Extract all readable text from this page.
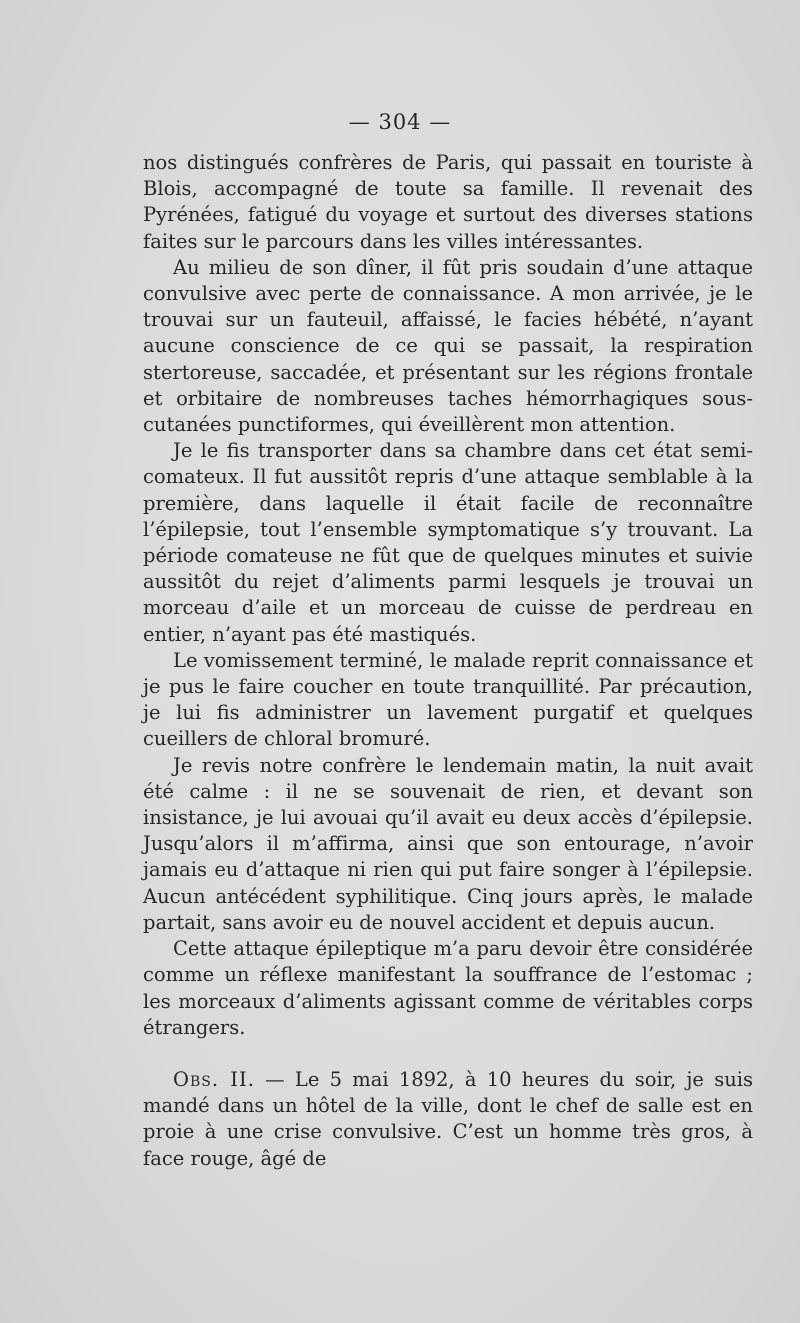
— 304 —

nos distingués confrères de Paris, qui passait en touriste à Blois, accompagné de toute sa famille. Il revenait des Pyrénées, fatigué du voyage et surtout des diverses stations faites sur le parcours dans les villes intéressantes.

Au milieu de son dîner, il fût pris soudain d’une attaque convulsive avec perte de connaissance. A mon arrivée, je le trouvai sur un fauteuil, affaissé, le facies hébété, n’ayant aucune conscience de ce qui se passait, la respiration stertoreuse, saccadée, et présentant sur les régions frontale et orbitaire de nombreuses taches hémorrhagiques sous-cutanées punctiformes, qui éveillèrent mon attention.

Je le fis transporter dans sa chambre dans cet état semi-comateux. Il fut aussitôt repris d’une attaque semblable à la première, dans laquelle il était facile de reconnaître l’épilepsie, tout l’ensemble symptomatique s’y trouvant. La période comateuse ne fût que de quelques minutes et suivie aussitôt du rejet d’aliments parmi lesquels je trouvai un morceau d’aile et un morceau de cuisse de perdreau en entier, n’ayant pas été mastiqués.

Le vomissement terminé, le malade reprit connaissance et je pus le faire coucher en toute tranquillité. Par précaution, je lui fis administrer un lavement purgatif et quelques cueillers de chloral bromuré.

Je revis notre confrère le lendemain matin, la nuit avait été calme : il ne se souvenait de rien, et devant son insistance, je lui avouai qu’il avait eu deux accès d’épilepsie. Jusqu’alors il m’affirma, ainsi que son entourage, n’avoir jamais eu d’attaque ni rien qui put faire songer à l’épilepsie. Aucun antécédent syphilitique. Cinq jours après, le malade partait, sans avoir eu de nouvel accident et depuis aucun.

Cette attaque épileptique m’a paru devoir être considérée comme un réflexe manifestant la souffrance de l’estomac ; les morceaux d’aliments agissant comme de véritables corps étrangers.

Obs. II. — Le 5 mai 1892, à 10 heures du soir, je suis mandé dans un hôtel de la ville, dont le chef de salle est en proie à une crise convulsive. C’est un homme très gros, à face rouge, âgé de
